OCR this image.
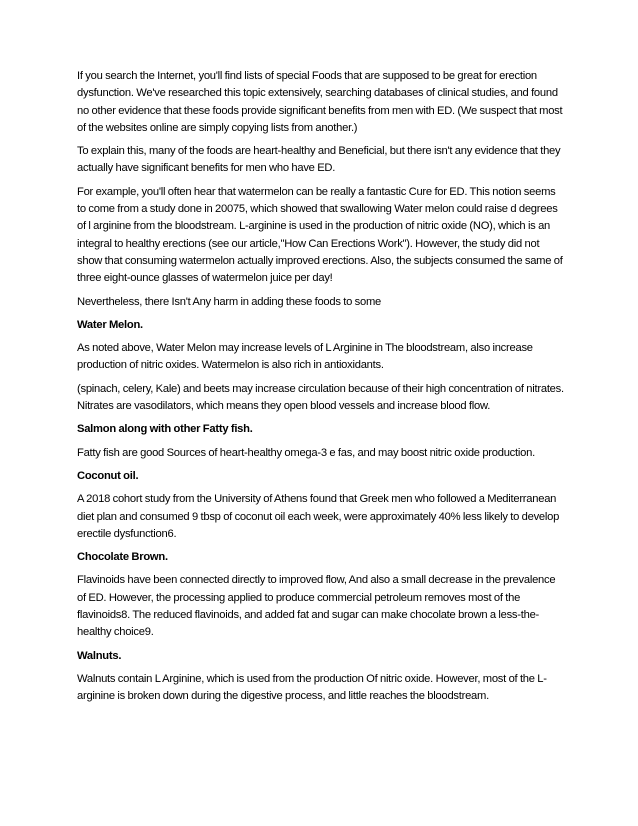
If you search the Internet, you'll find lists of special Foods that are supposed to be great for erection dysfunction. We've researched this topic extensively, searching databases of clinical studies, and found no other evidence that these foods provide significant benefits from men with ED. (We suspect that most of the websites online are simply copying lists from another.)

To explain this, many of the foods are heart-healthy and Beneficial, but there isn't any evidence that they actually have significant benefits for men who have ED.

For example, you'll often hear that watermelon can be really a fantastic Cure for ED. This notion seems to come from a study done in 20075, which showed that swallowing Water melon could raise d degrees of l arginine from the bloodstream. L-arginine is used in the production of nitric oxide (NO), which is an integral to healthy erections (see our article,"How Can Erections Work"). However, the study did not show that consuming watermelon actually improved erections. Also, the subjects consumed the same of three eight-ounce glasses of watermelon juice per day!

Nevertheless, there Isn't Any harm in adding these foods to some

Water Melon.

As noted above, Water Melon may increase levels of L Arginine in The bloodstream, also increase production of nitric oxides. Watermelon is also rich in antioxidants.

(spinach, celery, Kale) and beets may increase circulation because of their high concentration of nitrates. Nitrates are vasodilators, which means they open blood vessels and increase blood flow.

Salmon along with other Fatty fish.

Fatty fish are good Sources of heart-healthy omega-3 e fas, and may boost nitric oxide production.

Coconut oil.

A 2018 cohort study from the University of Athens found that Greek men who followed a Mediterranean diet plan and consumed 9 tbsp of coconut oil each week, were approximately 40% less likely to develop erectile dysfunction6.

Chocolate Brown.

Flavinoids have been connected directly to improved flow, And also a small decrease in the prevalence of ED. However, the processing applied to produce commercial petroleum removes most of the flavinoids8. The reduced flavinoids, and added fat and sugar can make chocolate brown a less-the-healthy choice9.

Walnuts.

Walnuts contain L Arginine, which is used from the production Of nitric oxide. However, most of the L-arginine is broken down during the digestive process, and little reaches the bloodstream.
